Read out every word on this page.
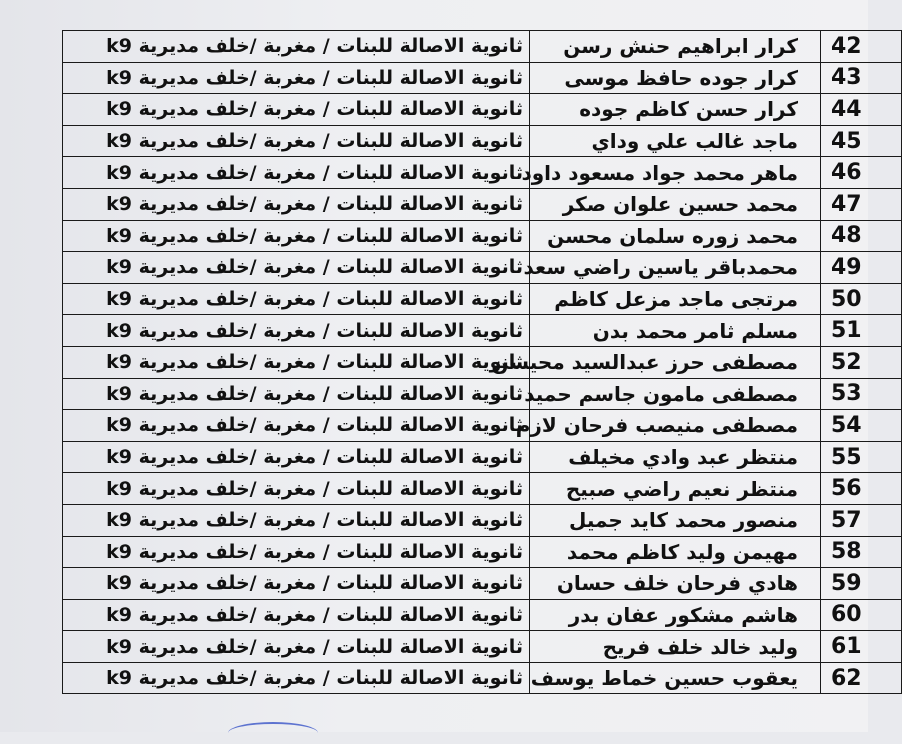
ثانوية الاصالة للبنات / مغربة /خلف مديرية k9	كرار ابراهيم حنش رسن	42
ثانوية الاصالة للبنات / مغربة /خلف مديرية k9	كرار جوده حافظ موسى	43
ثانوية الاصالة للبنات / مغربة /خلف مديرية k9	كرار حسن كاظم جوده	44
ثانوية الاصالة للبنات / مغربة /خلف مديرية k9	ماجد غالب علي وداي	45
ثانوية الاصالة للبنات / مغربة /خلف مديرية k9	ماهر محمد جواد مسعود داود	46
ثانوية الاصالة للبنات / مغربة /خلف مديرية k9	محمد حسين علوان صكر	47
ثانوية الاصالة للبنات / مغربة /خلف مديرية k9	محمد زوره سلمان محسن	48
ثانوية الاصالة للبنات / مغربة /خلف مديرية k9	محمدباقر ياسين راضي سعد	49
ثانوية الاصالة للبنات / مغربة /خلف مديرية k9	مرتجى ماجد مزعل كاظم	50
ثانوية الاصالة للبنات / مغربة /خلف مديرية k9	مسلم ثامر محمد بدن	51
ثانوية الاصالة للبنات / مغربة /خلف مديرية k9	مصطفى حرز عبدالسيد محيسن	52
ثانوية الاصالة للبنات / مغربة /خلف مديرية k9	مصطفى مامون جاسم حميد	53
ثانوية الاصالة للبنات / مغربة /خلف مديرية k9	مصطفى منيصب فرحان لازم	54
ثانوية الاصالة للبنات / مغربة /خلف مديرية k9	منتظر عبد وادي مخيلف	55
ثانوية الاصالة للبنات / مغربة /خلف مديرية k9	منتظر نعيم راضي صبيح	56
ثانوية الاصالة للبنات / مغربة /خلف مديرية k9	منصور محمد كايد جميل	57
ثانوية الاصالة للبنات / مغربة /خلف مديرية k9	مهيمن وليد كاظم محمد	58
ثانوية الاصالة للبنات / مغربة /خلف مديرية k9	هادي فرحان خلف حسان	59
ثانوية الاصالة للبنات / مغربة /خلف مديرية k9	هاشم مشكور عفان بدر	60
ثانوية الاصالة للبنات / مغربة /خلف مديرية k9	وليد خالد خلف فريح	61
ثانوية الاصالة للبنات / مغربة /خلف مديرية k9	يعقوب حسين خماط يوسف	62
